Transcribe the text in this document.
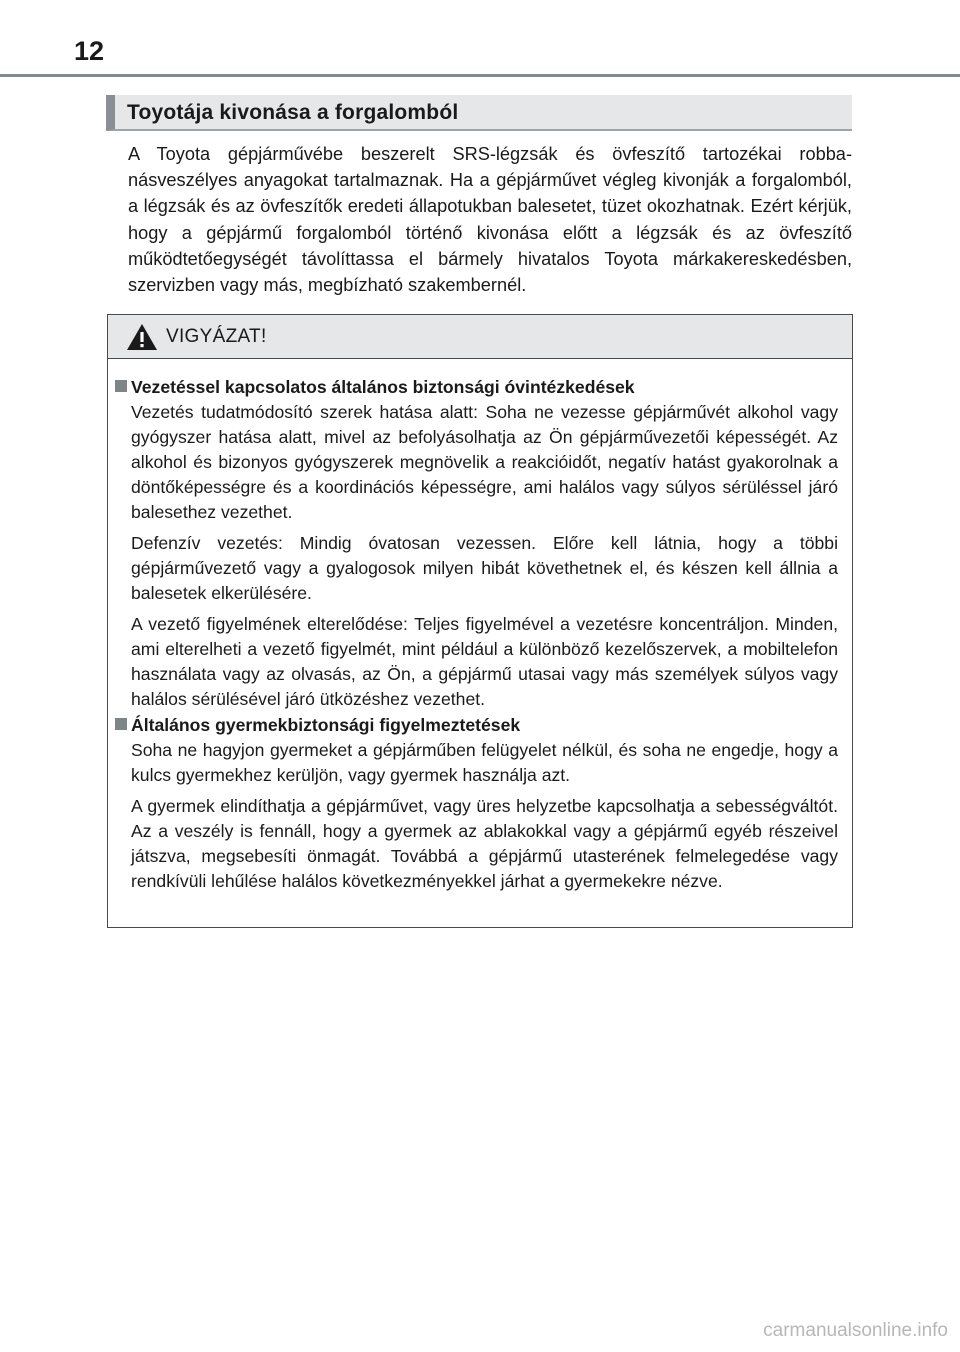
12
Toyotája kivonása a forgalomból

A Toyota gépjárművébe beszerelt SRS-légzsák és övfeszítő tartozékai robbanásveszélyes anyagokat tartalmaznak. Ha a gépjárművet végleg kivonják a forgalomból, a légzsák és az övfeszítők eredeti állapotukban balesetet, tüzet okozhatnak. Ezért kérjük, hogy a gépjármű forgalomból történő kivonása előtt a légzsák és az övfeszítő működtetőegységét távolíttassa el bármely hivatalos Toyota márkakereskedésben, szervizben vagy más, megbízható szakembernél.

VIGYÁZAT!
Vezetéssel kapcsolatos általános biztonsági óvintézkedések

Vezetés tudatmódosító szerek hatása alatt: Soha ne vezesse gépjárművét alkohol vagy gyógyszer hatása alatt, mivel az befolyásolhatja az Ön gépjárművezetői képességét. Az alkohol és bizonyos gyógyszerek megnövelik a reakcióidőt, negatív hatást gyakorolnak a döntőképességre és a koordinációs képességre, ami halálos vagy súlyos sérüléssel járó balesethez vezethet.

Defenzív vezetés: Mindig óvatosan vezessen. Előre kell látnia, hogy a többi gépjárművezető vagy a gyalogosok milyen hibát követhetnek el, és készen kell állnia a balesetek elkerülésére.

A vezető figyelmének elterelődése: Teljes figyelmével a vezetésre koncentráljon. Minden, ami elterelheti a vezető figyelmét, mint például a különböző kezelőszervek, a mobiltelefon használata vagy az olvasás, az Ön, a gépjármű utasai vagy más személyek súlyos vagy halálos sérülésével járó ütközéshez vezethet.

Általános gyermekbiztonsági figyelmeztetések

Soha ne hagyjon gyermeket a gépjárműben felügyelet nélkül, és soha ne engedje, hogy a kulcs gyermekhez kerüljön, vagy gyermek használja azt.

A gyermek elindíthatja a gépjárművet, vagy üres helyzetbe kapcsolhatja a sebességváltót. Az a veszély is fennáll, hogy a gyermek az ablakokkal vagy a gépjármű egyéb részeivel játszva, megsebesíti önmagát. Továbbá a gépjármű utasterének felmelegedése vagy rendkívüli lehűlése halálos következményekkel járhat a gyermekekre nézve.

carmanualsonline.info
